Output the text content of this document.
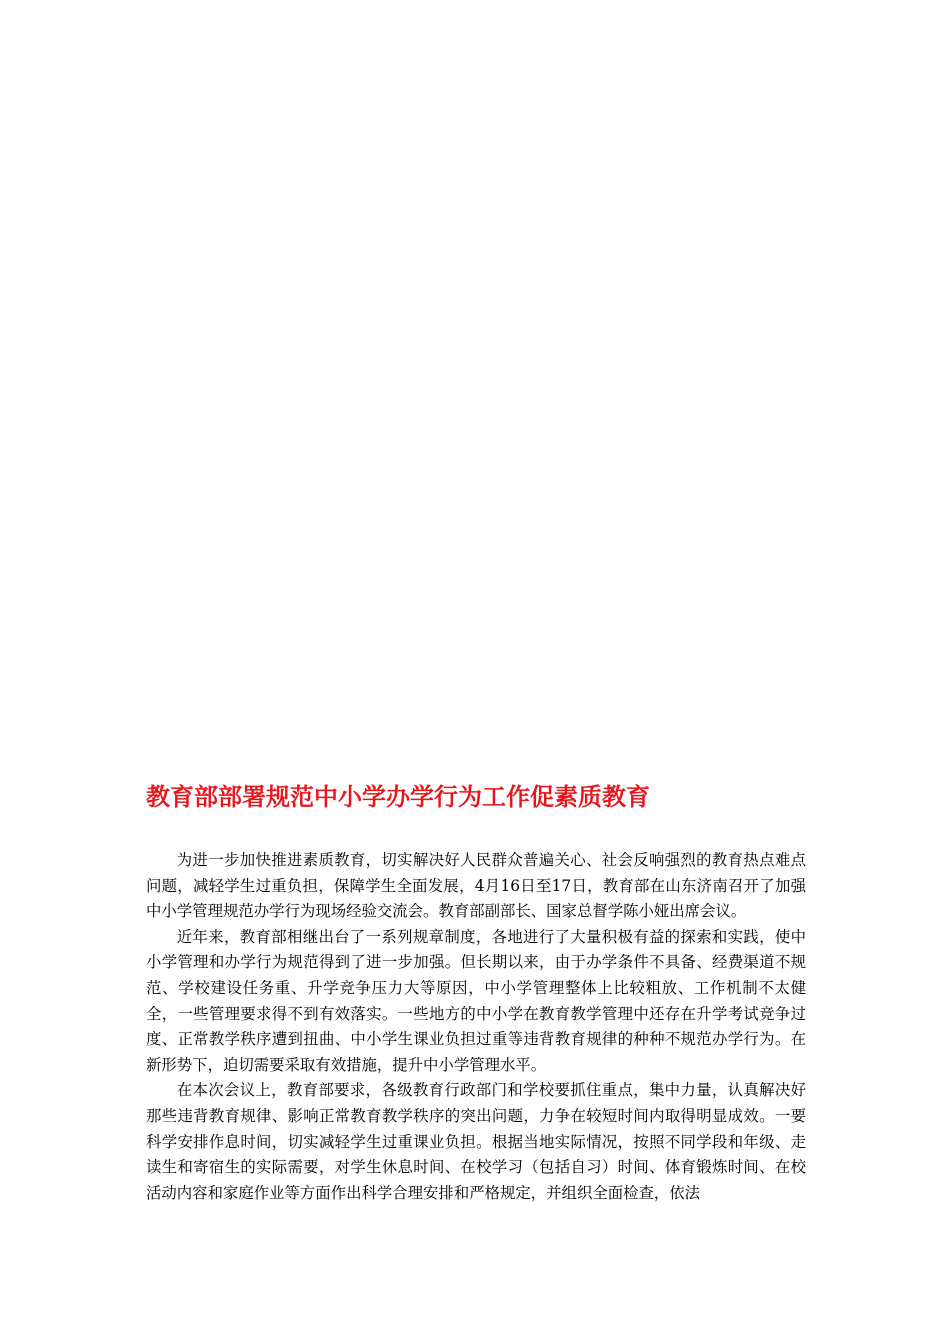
教育部部署规范中小学办学行为工作促素质教育

为进一步加快推进素质教育，切实解决好人民群众普遍关心、社会反响强烈的教育热点难点问题，减轻学生过重负担，保障学生全面发展，4月16日至17日，教育部在山东济南召开了加强中小学管理规范办学行为现场经验交流会。教育部副部长、国家总督学陈小娅出席会议。

近年来，教育部相继出台了一系列规章制度，各地进行了大量积极有益的探索和实践，使中小学管理和办学行为规范得到了进一步加强。但长期以来，由于办学条件不具备、经费渠道不规范、学校建设任务重、升学竞争压力大等原因，中小学管理整体上比较粗放、工作机制不太健全，一些管理要求得不到有效落实。一些地方的中小学在教育教学管理中还存在升学考试竞争过度、正常教学秩序遭到扭曲、中小学生课业负担过重等违背教育规律的种种不规范办学行为。在新形势下，迫切需要采取有效措施，提升中小学管理水平。

在本次会议上，教育部要求，各级教育行政部门和学校要抓住重点，集中力量，认真解决好那些违背教育规律、影响正常教育教学秩序的突出问题，力争在较短时间内取得明显成效。一要科学安排作息时间，切实减轻学生过重课业负担。根据当地实际情况，按照不同学段和年级、走读生和寄宿生的实际需要，对学生休息时间、在校学习（包括自习）时间、体育锻炼时间、在校活动内容和家庭作业等方面作出科学合理安排和严格规定，并组织全面检查，依法
